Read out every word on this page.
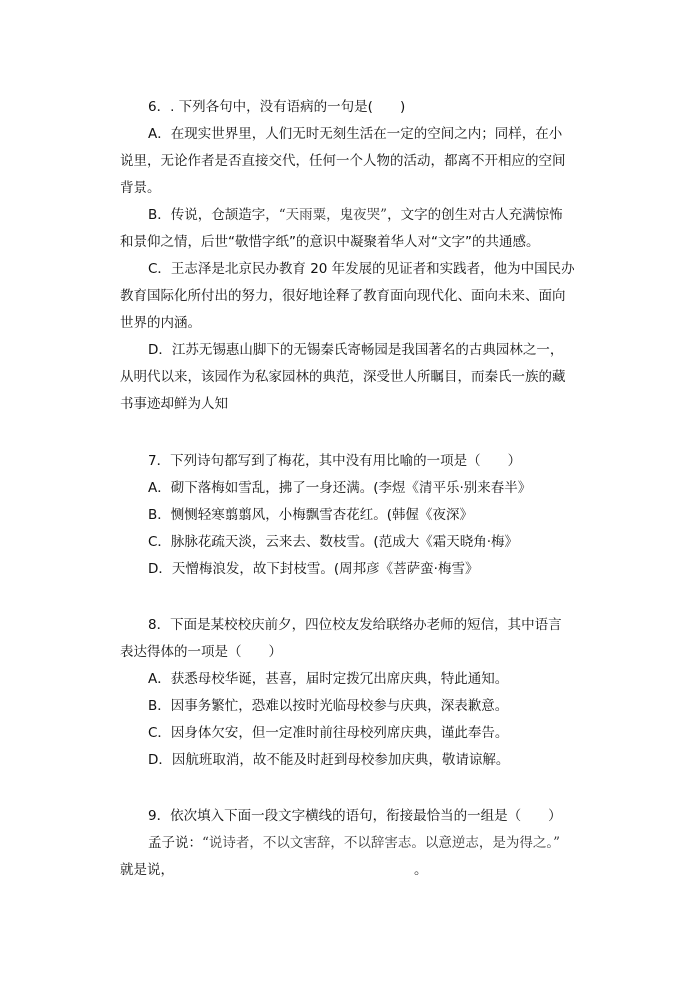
6．. 下列各句中，没有语病的一句是(　　)
A．在现实世界里，人们无时无刻生活在一定的空间之内；同样，在小
说里，无论作者是否直接交代，任何一个人物的活动，都离不开相应的空间
背景。
B．传说，仓颉造字，“天雨粟，鬼夜哭”，文字的创生对古人充满惊怖
和景仰之情，后世“敬惜字纸”的意识中凝聚着华人对“文字”的共通感。
C．王志泽是北京民办教育 20 年发展的见证者和实践者，他为中国民办
教育国际化所付出的努力，很好地诠释了教育面向现代化、面向未来、面向
世界的内涵。
D．江苏无锡惠山脚下的无锡秦氏寄畅园是我国著名的古典园林之一，
从明代以来，该园作为私家园林的典范，深受世人所瞩目，而秦氏一族的藏
书事迹却鲜为人知
7．下列诗句都写到了梅花，其中没有用比喻的一项是（　　）
A．砌下落梅如雪乱，拂了一身还满。(李煜《清平乐·别来春半》
B．恻恻轻寒翦翦风，小梅飘雪杏花红。(韩偓《夜深》
C．脉脉花疏天淡，云来去、数枝雪。(范成大《霜天晓角·梅》
D．天憎梅浪发，故下封枝雪。(周邦彦《菩萨蛮·梅雪》
8．下面是某校校庆前夕，四位校友发给联络办老师的短信，其中语言
表达得体的一项是（　　）
A．获悉母校华诞，甚喜，届时定拨冗出席庆典，特此通知。
B．因事务繁忙，恐难以按时光临母校参与庆典，深表歉意。
C．因身体欠安，但一定准时前往母校列席庆典，谨此奉告。
D．因航班取消，故不能及时赶到母校参加庆典，敬请谅解。
9．依次填入下面一段文字横线的语句，衔接最恰当的一组是（　　）
孟子说：“说诗者，不以文害辞，不以辞害志。以意逆志，是为得之。”
就是说，	。
